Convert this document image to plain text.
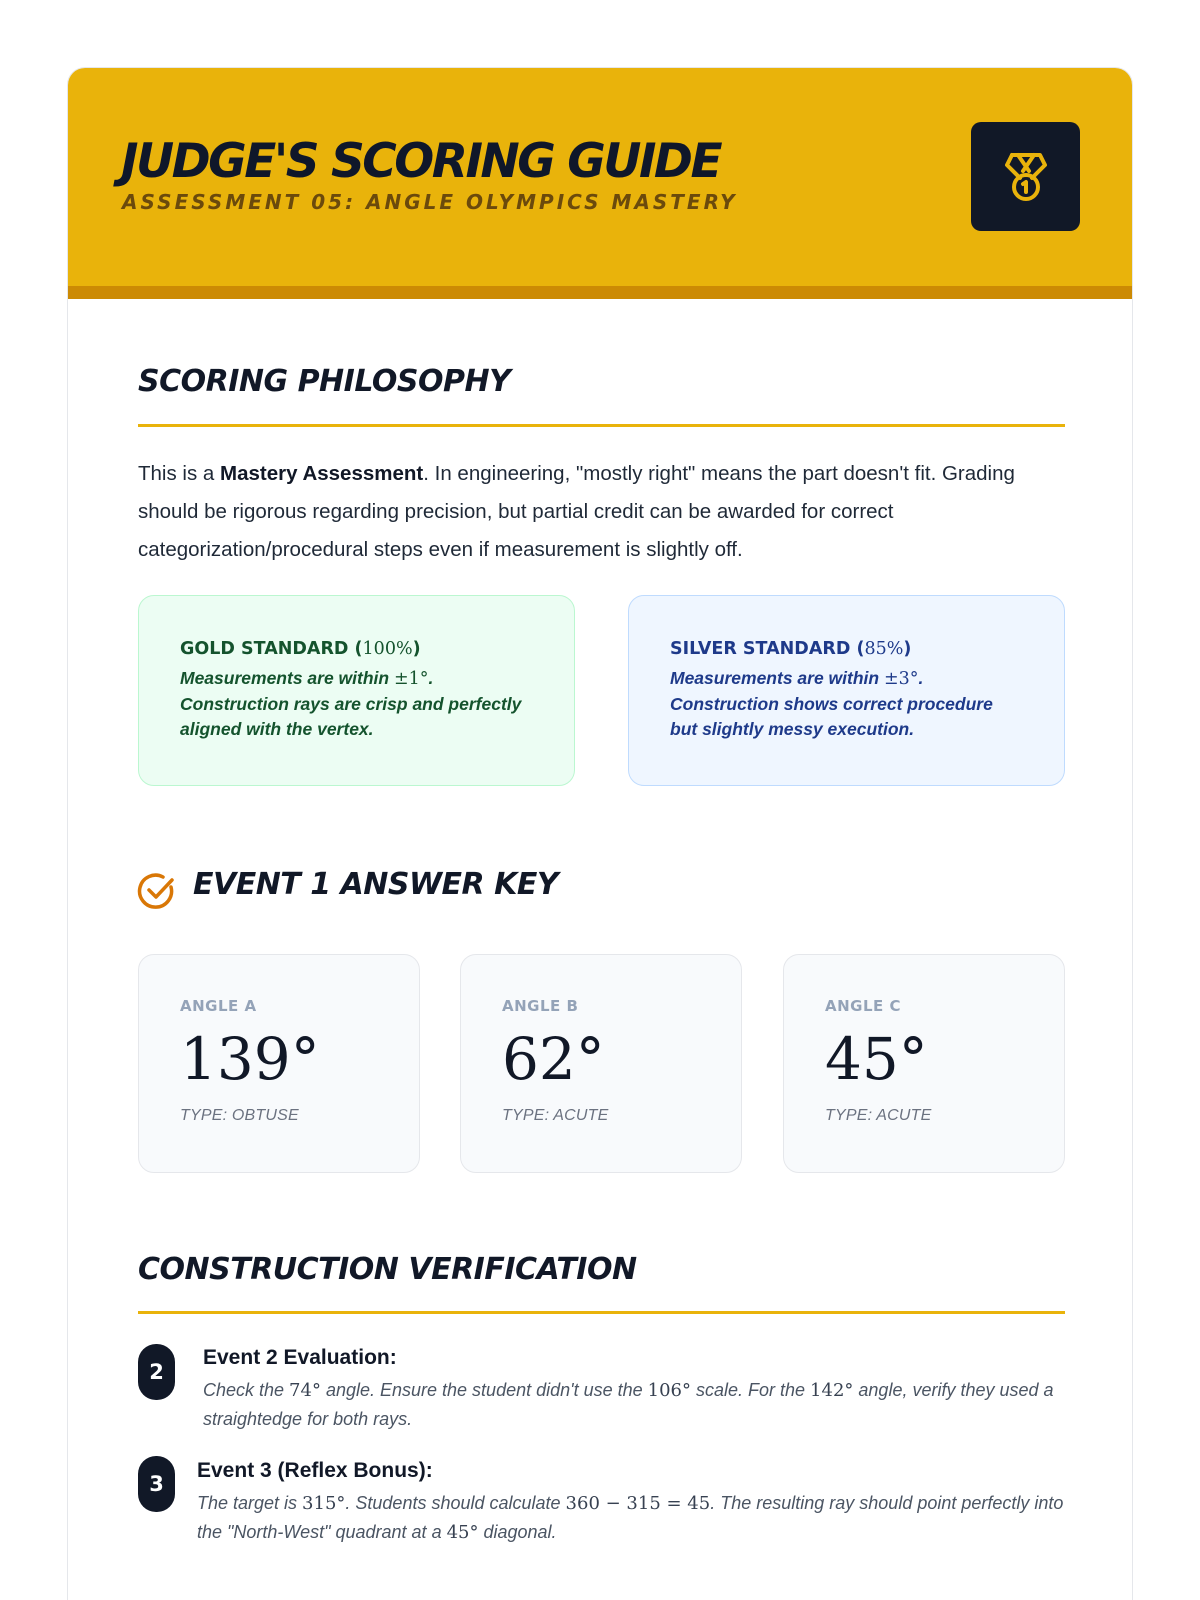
JUDGE'S SCORING GUIDE
ASSESSMENT 05: ANGLE OLYMPICS MASTERY
SCORING PHILOSOPHY

This is a Mastery Assessment. In engineering, "mostly right" means the part doesn't fit. Grading should be rigorous regarding precision, but partial credit can be awarded for correct categorization/procedural steps even if measurement is slightly off.

GOLD STANDARD (100%)
Measurements are within ±1°. Construction rays are crisp and perfectly aligned with the vertex.
SILVER STANDARD (85%)
Measurements are within ±3°. Construction shows correct procedure but slightly messy execution.
EVENT 1 ANSWER KEY
ANGLE A
139°
TYPE: OBTUSE
ANGLE B
62°
TYPE: ACUTE
ANGLE C
45°
TYPE: ACUTE
CONSTRUCTION VERIFICATION
2
Event 2 Evaluation:
Check the 74° angle. Ensure the student didn't use the 106° scale. For the 142° angle, verify they used a straightedge for both rays.
3
Event 3 (Reflex Bonus):
The target is 315°. Students should calculate 360 − 315 = 45. The resulting ray should point perfectly into the "North-West" quadrant at a 45° diagonal.
